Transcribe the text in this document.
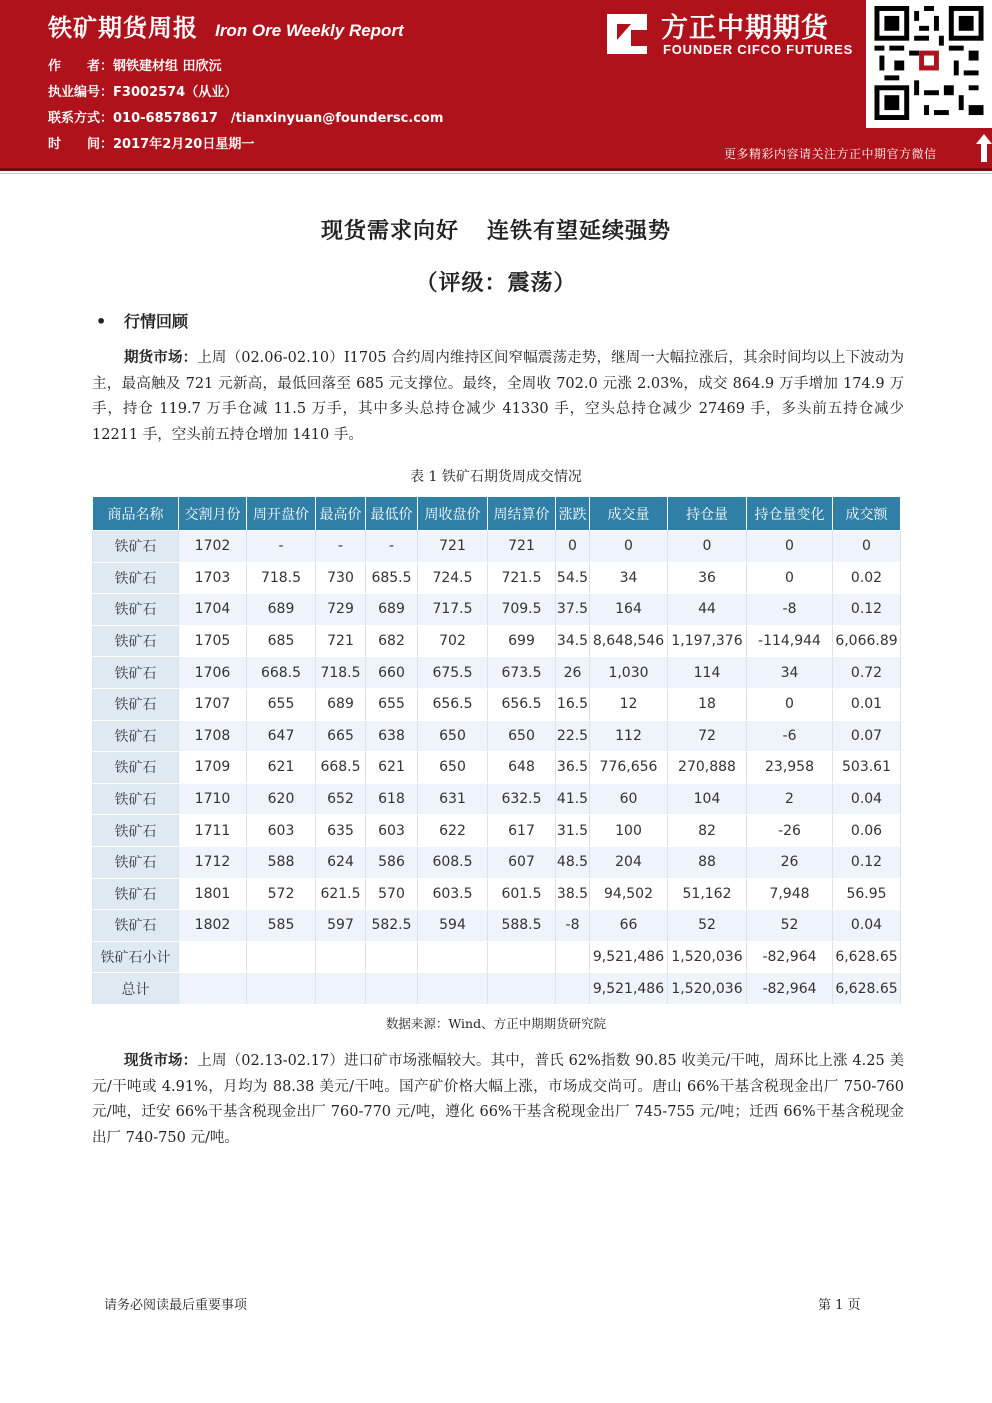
铁矿期货周报 Iron Ore Weekly Report
作　　者：钢铁建材组 田欣沅
执业编号：F3002574（从业）
联系方式：010-68578617　/tianxinyuan@foundersc.com
时　　间：2017年2月20日星期一
方正中期期货
FOUNDER CIFCO FUTURES
更多精彩内容请关注方正中期官方微信
现货需求向好 连铁有望延续强势
（评级：震荡）
• 行情回顾
期货市场：上周（02.06-02.10）I1705 合约周内维持区间窄幅震荡走势，继周一大幅拉涨后，其余时间均以上下波动为主，最高触及 721 元新高，最低回落至 685 元支撑位。最终，全周收 702.0 元涨 2.03%，成交 864.9 万手增加 174.9 万手，持仓 119.7 万手仓减 11.5 万手，其中多头总持仓减少 41330 手，空头总持仓减少 27469 手，多头前五持仓减少 12211 手，空头前五持仓增加 1410 手。
表 1 铁矿石期货周成交情况
商品名称	交割月份	周开盘价	最高价	最低价	周收盘价	周结算价	涨跌	成交量	持仓量	持仓量变化	成交额
铁矿石	1702	-	-	-	721	721	0	0	0	0	0
铁矿石	1703	718.5	730	685.5	724.5	721.5	54.5	34	36	0	0.02
铁矿石	1704	689	729	689	717.5	709.5	37.5	164	44	-8	0.12
铁矿石	1705	685	721	682	702	699	34.5	8,648,546	1,197,376	-114,944	6,066.89
铁矿石	1706	668.5	718.5	660	675.5	673.5	26	1,030	114	34	0.72
铁矿石	1707	655	689	655	656.5	656.5	16.5	12	18	0	0.01
铁矿石	1708	647	665	638	650	650	22.5	112	72	-6	0.07
铁矿石	1709	621	668.5	621	650	648	36.5	776,656	270,888	23,958	503.61
铁矿石	1710	620	652	618	631	632.5	41.5	60	104	2	0.04
铁矿石	1711	603	635	603	622	617	31.5	100	82	-26	0.06
铁矿石	1712	588	624	586	608.5	607	48.5	204	88	26	0.12
铁矿石	1801	572	621.5	570	603.5	601.5	38.5	94,502	51,162	7,948	56.95
铁矿石	1802	585	597	582.5	594	588.5	-8	66	52	52	0.04
铁矿石小计								9,521,486	1,520,036	-82,964	6,628.65
总计								9,521,486	1,520,036	-82,964	6,628.65
数据来源：Wind、方正中期期货研究院
现货市场：上周（02.13-02.17）进口矿市场涨幅较大。其中，普氏 62%指数 90.85 收美元/干吨，周环比上涨 4.25 美元/干吨或 4.91%，月均为 88.38 美元/干吨。国产矿价格大幅上涨，市场成交尚可。唐山 66%干基含税现金出厂 750-760 元/吨，迁安 66%干基含税现金出厂 760-770 元/吨，遵化 66%干基含税现金出厂 745-755 元/吨；迁西 66%干基含税现金出厂 740-750 元/吨。
请务必阅读最后重要事项	第 1 页
